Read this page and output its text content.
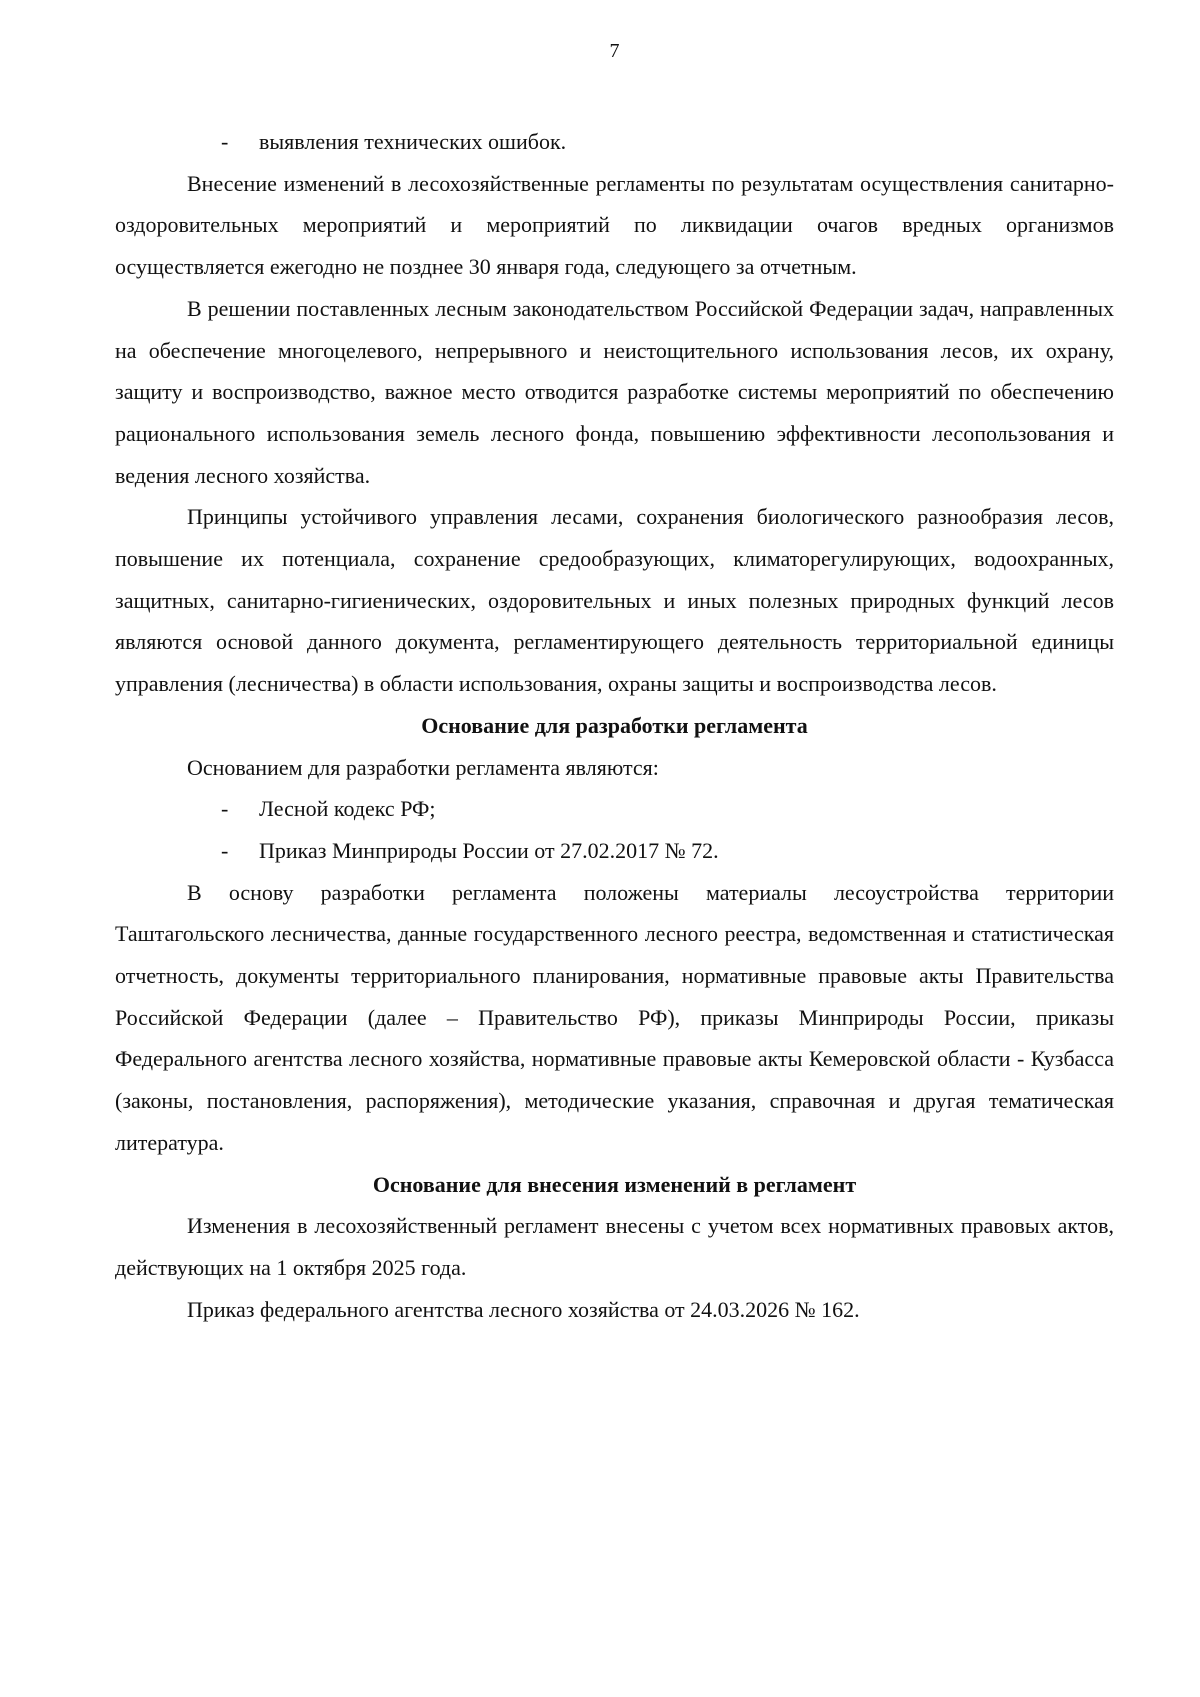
7

- выявления технических ошибок.

Внесение изменений в лесохозяйственные регламенты по результатам осуществления санитарно-оздоровительных мероприятий и мероприятий по ликвидации очагов вредных организмов осуществляется ежегодно не позднее 30 января года, следующего за отчетным.

В решении поставленных лесным законодательством Российской Федерации задач, направленных на обеспечение многоцелевого, непрерывного и неистощительного использования лесов, их охрану, защиту и воспроизводство, важное место отводится разработке системы мероприятий по обеспечению рационального использования земель лесного фонда, повышению эффективности лесопользования и ведения лесного хозяйства.

Принципы устойчивого управления лесами, сохранения биологического разнообразия лесов, повышение их потенциала, сохранение средообразующих, климаторегулирующих, водоохранных, защитных, санитарно-гигиенических, оздоровительных и иных полезных природных функций лесов являются основой данного документа, регламентирующего деятельность территориальной единицы управления (лесничества) в области использования, охраны защиты и воспроизводства лесов.

Основание для разработки регламента

Основанием для разработки регламента являются:

- Лесной кодекс РФ;

- Приказ Минприроды России от 27.02.2017 № 72.

В основу разработки регламента положены материалы лесоустройства территории Таштагольского лесничества, данные государственного лесного реестра, ведомственная и статистическая отчетность, документы территориального планирования, нормативные правовые акты Правительства Российской Федерации (далее – Правительство РФ), приказы Минприроды России, приказы Федерального агентства лесного хозяйства, нормативные правовые акты Кемеровской области - Кузбасса (законы, постановления, распоряжения), методические указания, справочная и другая тематическая литература.

Основание для внесения изменений в регламент

Изменения в лесохозяйственный регламент внесены с учетом всех нормативных правовых актов, действующих на 1 октября 2025 года.

Приказ федерального агентства лесного хозяйства от 24.03.2026 № 162.
